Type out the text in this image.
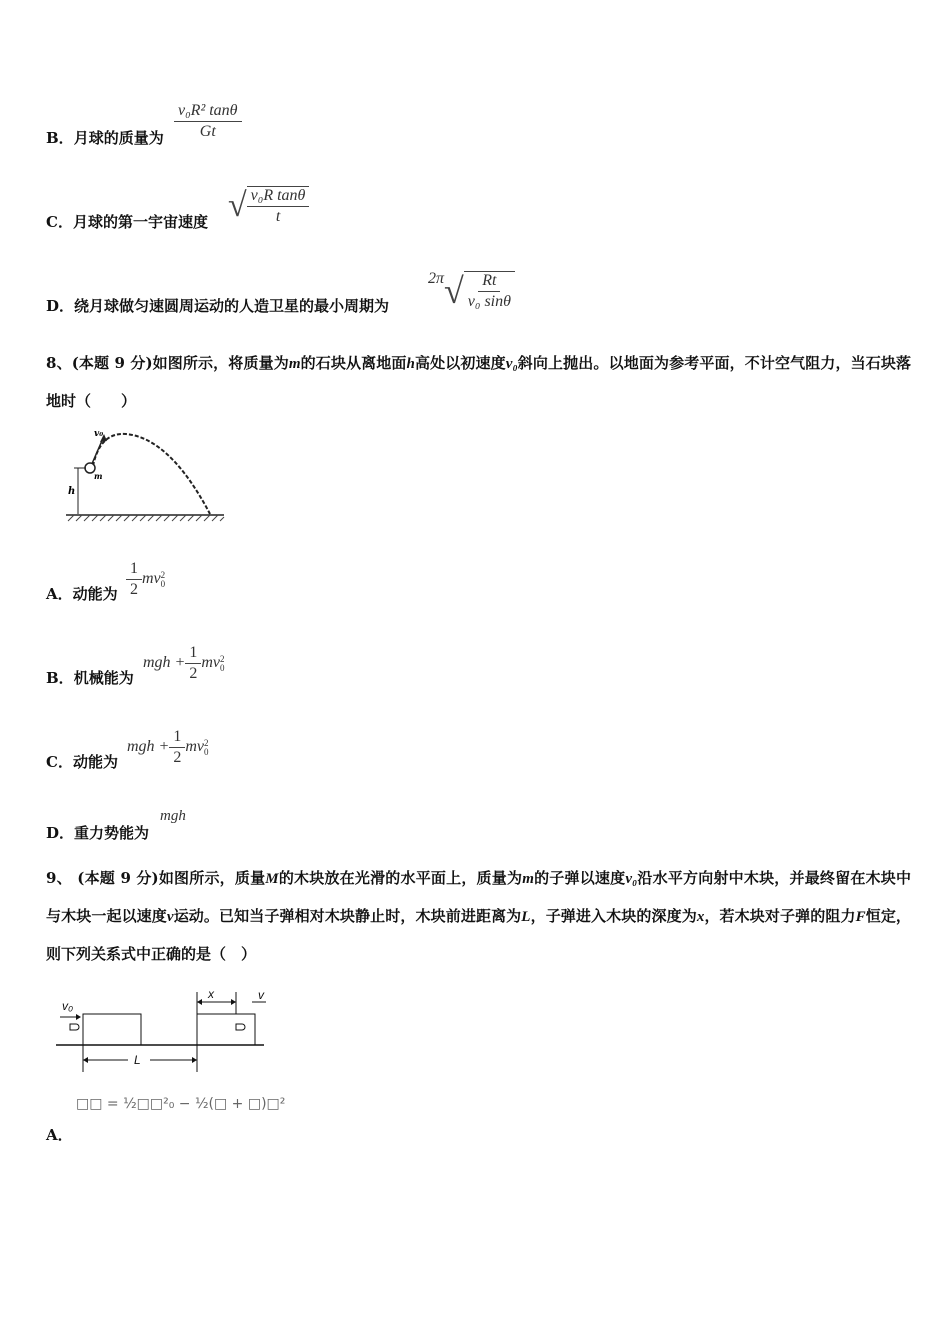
B．月球的质量为 $\frac{\text{v₀R² tanθ}}{Gt}$
C．月球的第一宇宙速度 √ $\frac{\text{v₀R tanθ}}{t}$
D．绕月球做匀速圆周运动的人造卫星的最小周期为
$2\pi√ \frac{Rt}{\text{v₀ sinθ}}$
8、(本题 9 分)如图所示，将质量为m的石块从离地面h高处以初速度v₀斜向上抛出。以地面为参考平面，不计空气阻力，当石块落地时（　　）
v₀
m
h
A．动能为 $\frac{1}{2}$ mv 2
0
B．机械能为
mgh + $\frac{1}{2}$ mv 2
0
C．动能为
mgh + $\frac{1}{2}$ mv 2
0
D．重力势能为
mgh
9、 (本题 9 分)如图所示，质量M的木块放在光滑的水平面上，质量为m的子弹以速度v₀沿水平方向射中木块，并最终留在木块中与木块一起以速度v运动。已知当子弹相对木块静止时，木块前进距离为L，子弹进入木块的深度为x，若木块对子弹的阻力F恒定，则下列关系式中正确的是（　）
v₀
x	v
L
□□ = ½□□²₀ − ½(□ + □)□²
A．
